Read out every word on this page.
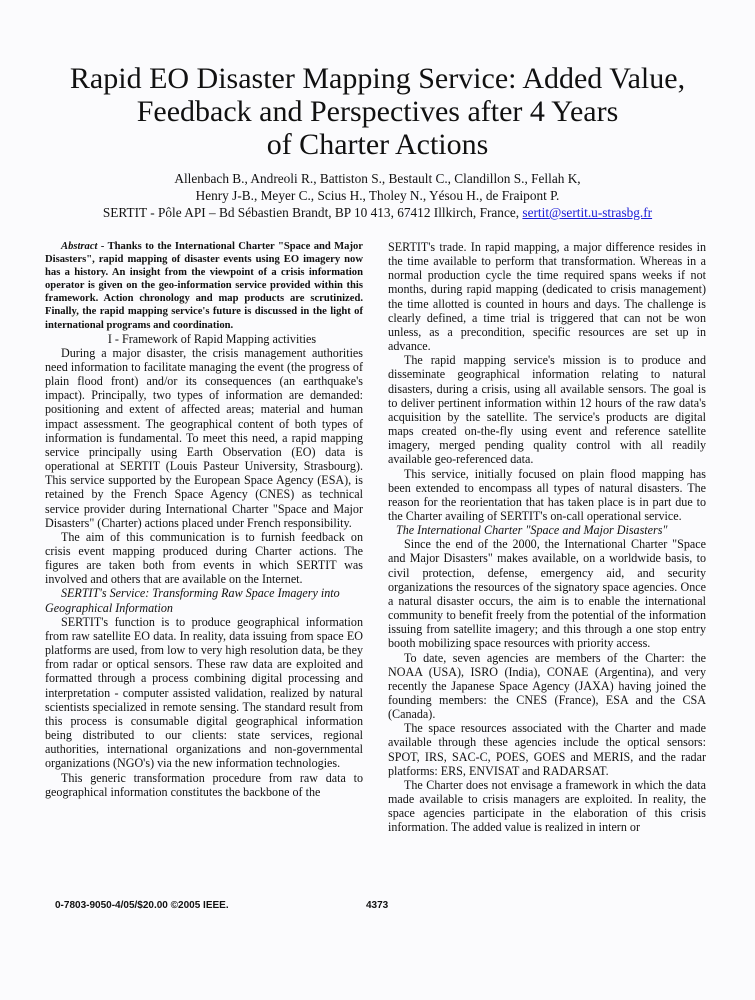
Rapid EO Disaster Mapping Service: Added Value,
Feedback and Perspectives after 4 Years
of Charter Actions
Allenbach B., Andreoli R., Battiston S., Bestault C., Clandillon S., Fellah K,
Henry J-B., Meyer C., Scius H., Tholey N., Yésou H., de Fraipont P.
SERTIT - Pôle API – Bd Sébastien Brandt, BP 10 413, 67412 Illkirch, France, sertit@sertit.u-strasbg.fr

Abstract - Thanks to the International Charter "Space and Major Disasters", rapid mapping of disaster events using EO imagery now has a history. An insight from the viewpoint of a crisis information operator is given on the geo-information service provided within this framework. Action chronology and map products are scrutinized. Finally, the rapid mapping service's future is discussed in the light of international programs and coordination.

I - Framework of Rapid Mapping activities

During a major disaster, the crisis management authorities need information to facilitate managing the event (the progress of plain flood front) and/or its consequences (an earthquake's impact). Principally, two types of information are demanded: positioning and extent of affected areas; material and human impact assessment. The geographical content of both types of information is fundamental. To meet this need, a rapid mapping service principally using Earth Observation (EO) data is operational at SERTIT (Louis Pasteur University, Strasbourg). This service supported by the European Space Agency (ESA), is retained by the French Space Agency (CNES) as technical service provider during International Charter "Space and Major Disasters" (Charter) actions placed under French responsibility.

The aim of this communication is to furnish feedback on crisis event mapping produced during Charter actions. The figures are taken both from events in which SERTIT was involved and others that are available on the Internet.

SERTIT's Service: Transforming Raw Space Imagery into Geographical Information

SERTIT's function is to produce geographical information from raw satellite EO data. In reality, data issuing from space EO platforms are used, from low to very high resolution data, be they from radar or optical sensors. These raw data are exploited and formatted through a process combining digital processing and interpretation - computer assisted validation, realized by natural scientists specialized in remote sensing. The standard result from this process is consumable digital geographical information being distributed to our clients: state services, regional authorities, international organizations and non-governmental organizations (NGO's) via the new information technologies.

This generic transformation procedure from raw data to geographical information constitutes the backbone of the

SERTIT's trade. In rapid mapping, a major difference resides in the time available to perform that transformation. Whereas in a normal production cycle the time required spans weeks if not months, during rapid mapping (dedicated to crisis management) the time allotted is counted in hours and days. The challenge is clearly defined, a time trial is triggered that can not be won unless, as a precondition, specific resources are set up in advance.

The rapid mapping service's mission is to produce and disseminate geographical information relating to natural disasters, during a crisis, using all available sensors. The goal is to deliver pertinent information within 12 hours of the raw data's acquisition by the satellite. The service's products are digital maps created on-the-fly using event and reference satellite imagery, merged pending quality control with all readily available geo-referenced data.

This service, initially focused on plain flood mapping has been extended to encompass all types of natural disasters. The reason for the reorientation that has taken place is in part due to the Charter availing of SERTIT's on-call operational service.

The International Charter "Space and Major Disasters"

Since the end of the 2000, the International Charter "Space and Major Disasters" makes available, on a worldwide basis, to civil protection, defense, emergency aid, and security organizations the resources of the signatory space agencies. Once a natural disaster occurs, the aim is to enable the international community to benefit freely from the potential of the information issuing from satellite imagery; and this through a one stop entry booth mobilizing space resources with priority access.

To date, seven agencies are members of the Charter: the NOAA (USA), ISRO (India), CONAE (Argentina), and very recently the Japanese Space Agency (JAXA) having joined the founding members: the CNES (France), ESA and the CSA (Canada).

The space resources associated with the Charter and made available through these agencies include the optical sensors: SPOT, IRS, SAC-C, POES, GOES and MERIS, and the radar platforms: ERS, ENVISAT and RADARSAT.

The Charter does not envisage a framework in which the data made available to crisis managers are exploited. In reality, the space agencies participate in the elaboration of this crisis information. The added value is realized in intern or

0-7803-9050-4/05/$20.00 ©2005 IEEE.	4373
